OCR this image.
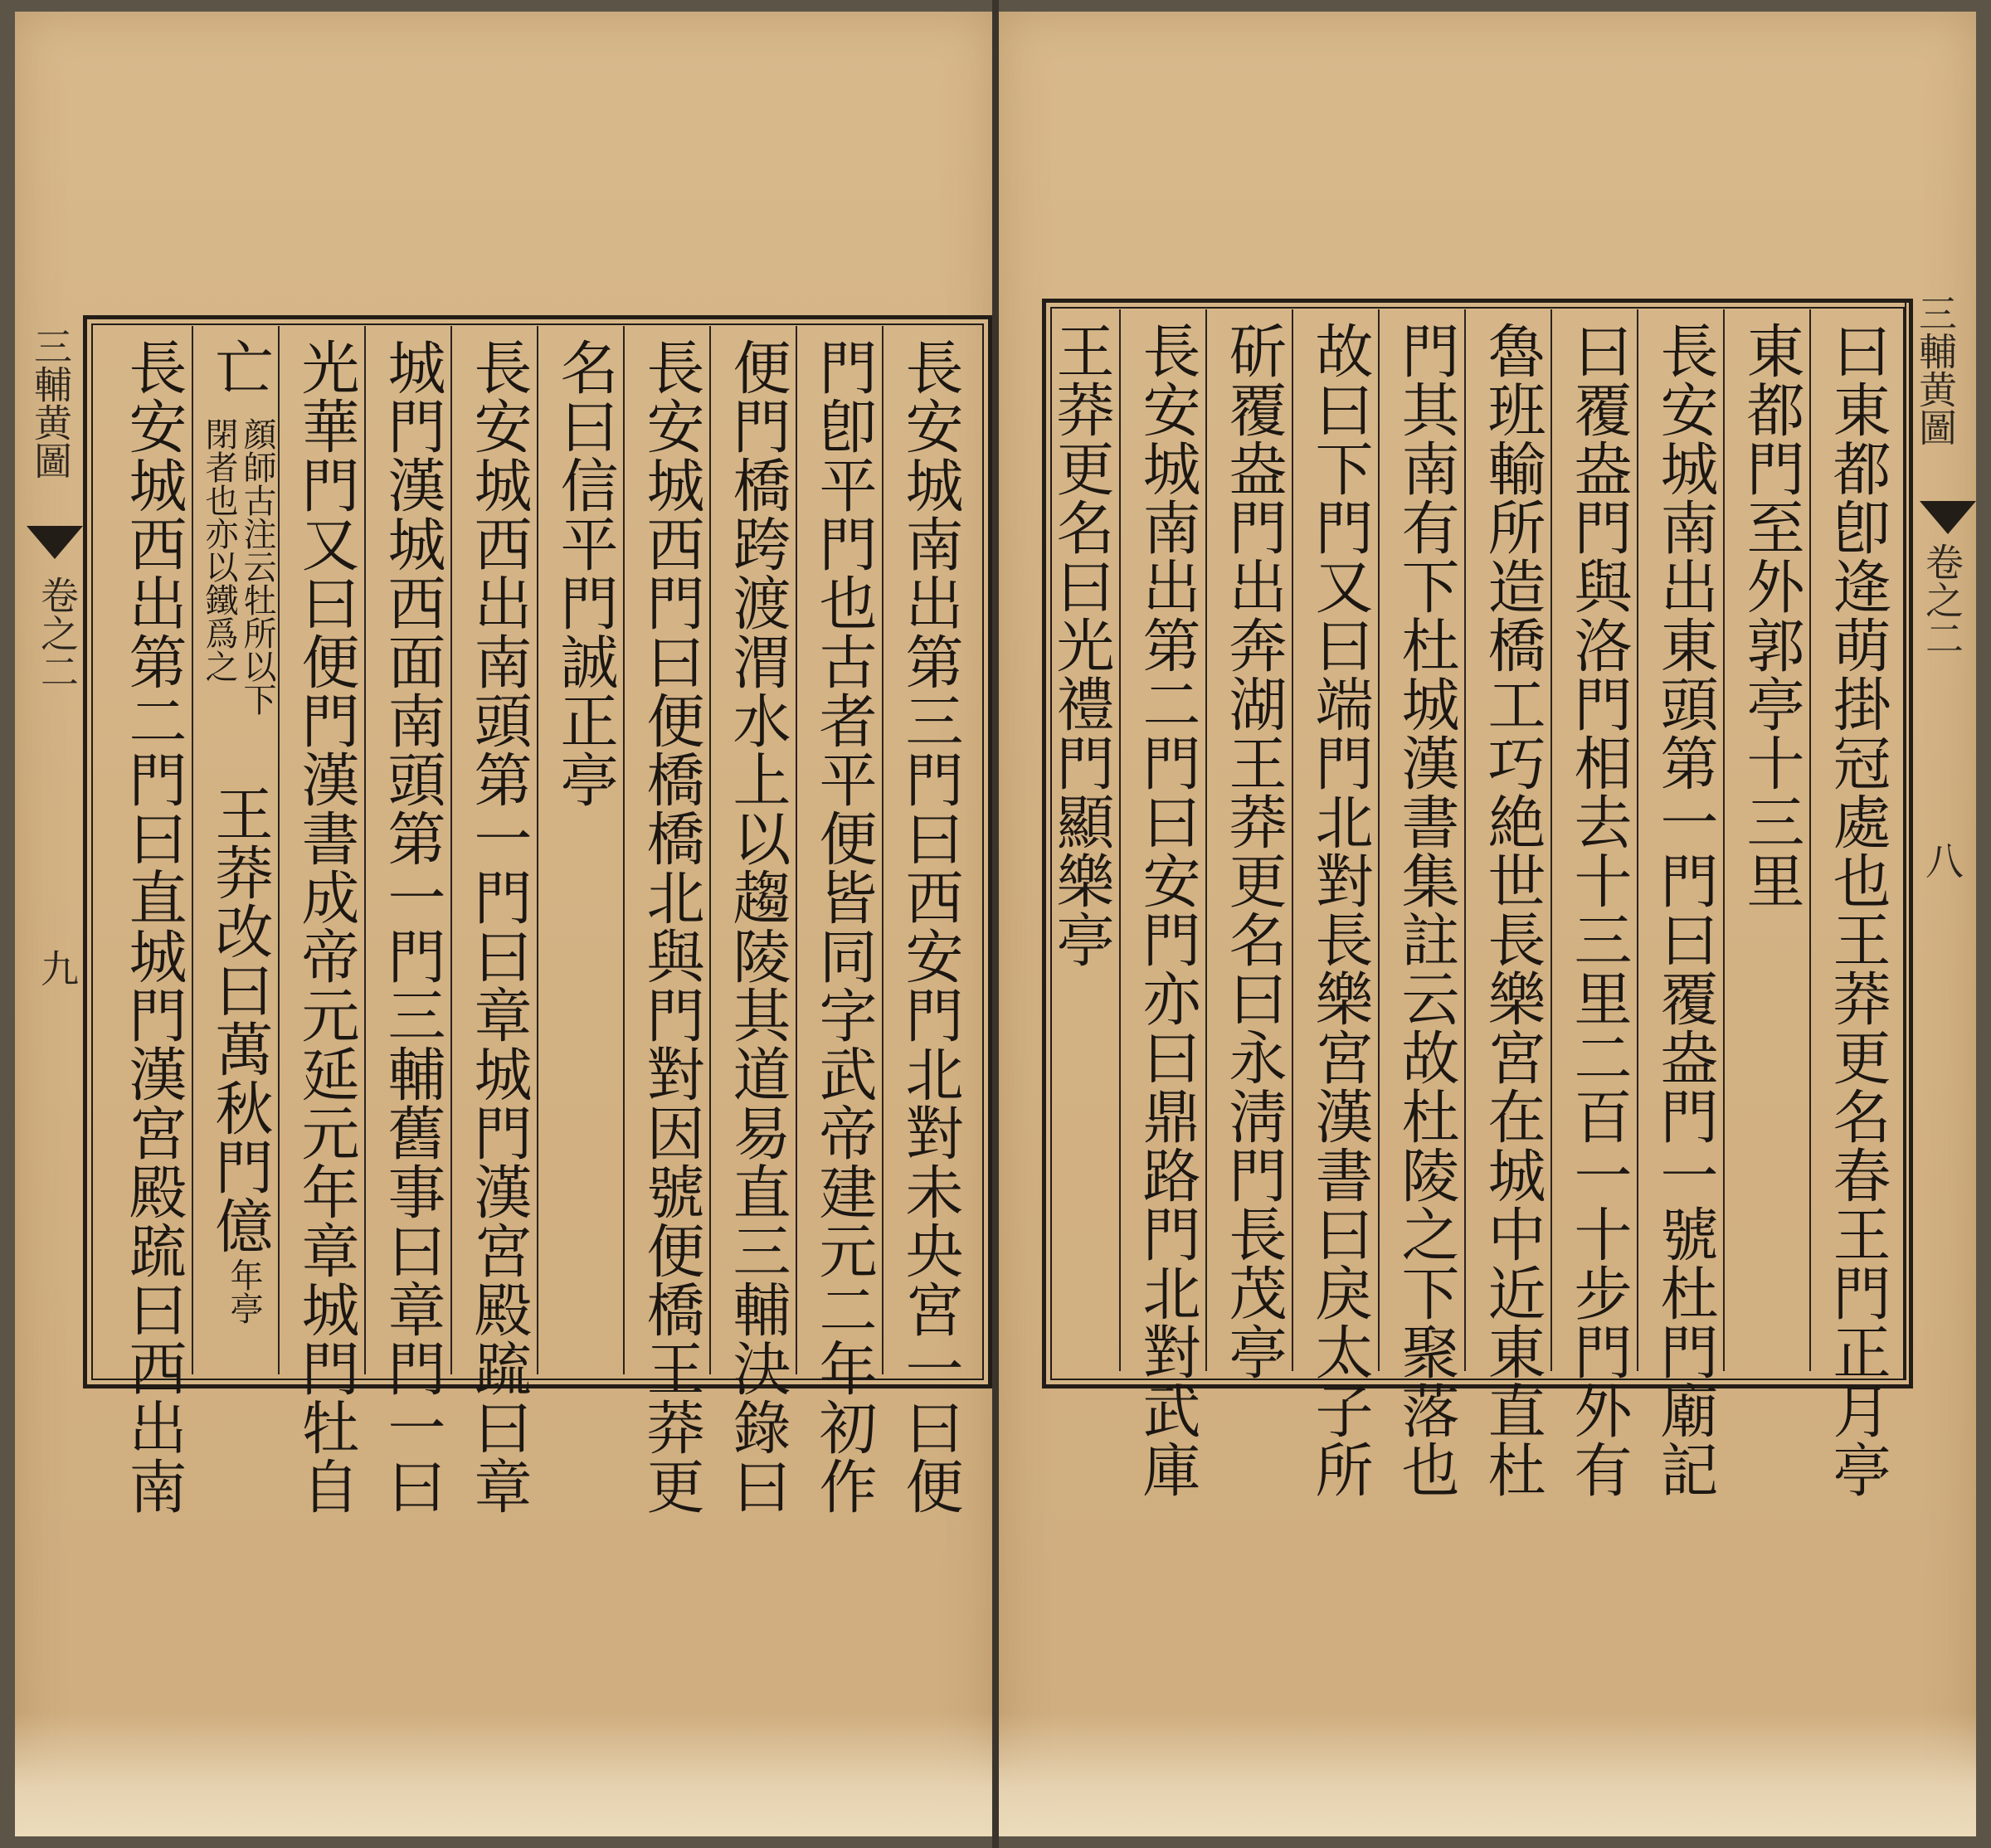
曰東都卽逄萌掛冠處也王莽更名春王門正月亭
東都門至外郭亭十三里
長安城南出東頭第一門曰覆盎門一號杜門廟記
曰覆盎門與洛門相去十三里二百一十步門外有
魯班輸所造橋工巧絶世長樂宮在城中近東直杜
門其南有下杜城漢書集註云故杜陵之下聚落也
故曰下門又曰端門北對長樂宮漢書曰戾太子所
斫覆盎門出奔湖王莽更名曰永淸門長茂亭
長安城南出第二門曰安門亦曰鼎路門北對武庫
王莽更名曰光禮門顯樂亭	三輔黄圖
卷之二
八
三輔黄圖
卷之二
九	長安城南出第三門曰西安門北對未央宮一曰便
門卽平門也古者平便皆同字武帝建元二年初作
便門橋跨渡渭水上以趨陵其道易直三輔決錄曰
長安城西門曰便橋橋北與門對因號便橋王莽更
名曰信平門誠正亭
長安城西出南頭第一門曰章城門漢宮殿䟽曰章
城門漢城西面南頭第一門三輔舊事曰章門一曰
光華門又曰便門漢書成帝元延元年章城門牡自
亡
顔師古注云牡所以下
閉者也亦以鐵爲之
王莽改曰萬秋門億
年亭
長安城西出第二門曰直城門漢宮殿䟽曰西出南
